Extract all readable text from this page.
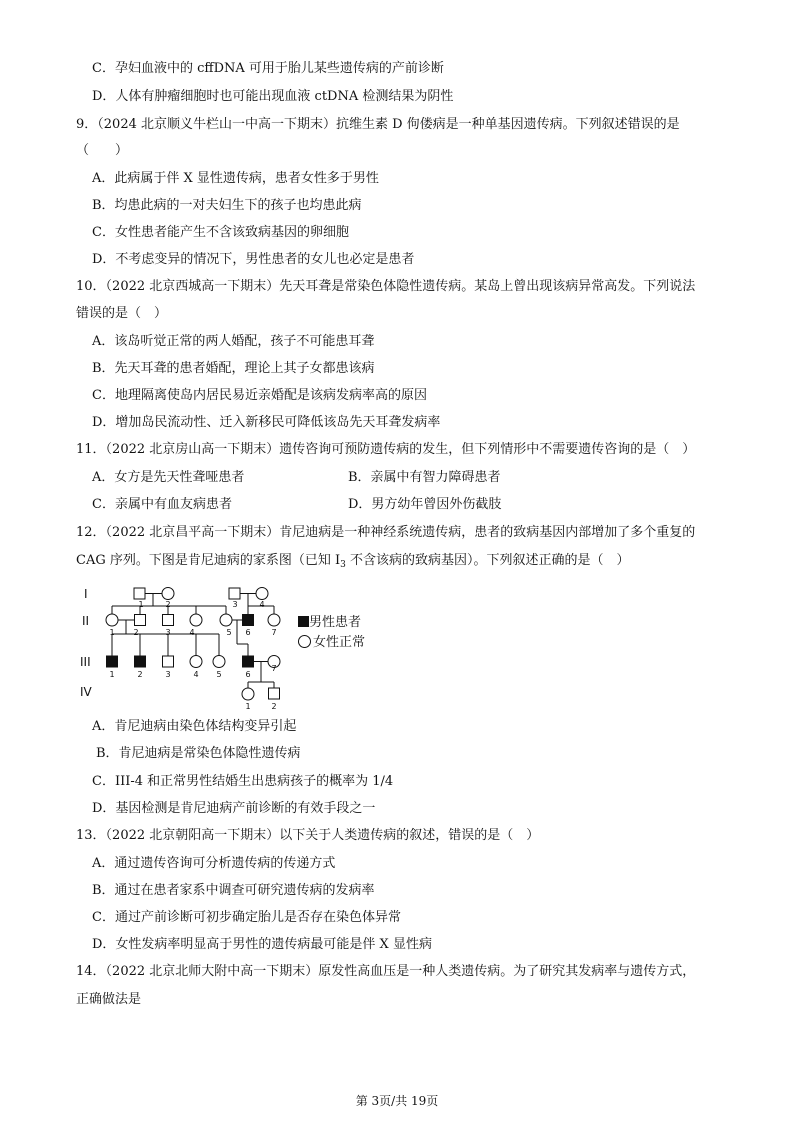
C．孕妇血液中的 cffDNA 可用于胎儿某些遗传病的产前诊断
D．人体有肿瘤细胞时也可能出现血液 ctDNA 检测结果为阴性
9．（2024 北京顺义牛栏山一中高一下期末）抗维生素 D 佝偻病是一种单基因遗传病。下列叙述错误的是
（　　）
A．此病属于伴 X 显性遗传病，患者女性多于男性
B．均患此病的一对夫妇生下的孩子也均患此病
C．女性患者能产生不含该致病基因的卵细胞
D．不考虑变异的情况下，男性患者的女儿也必定是患者
10．（2022 北京西城高一下期末）先天耳聋是常染色体隐性遗传病。某岛上曾出现该病异常高发。下列说法
错误的是（　）
A．该岛听觉正常的两人婚配，孩子不可能患耳聋
B．先天耳聋的患者婚配，理论上其子女都患该病
C．地理隔离使岛内居民易近亲婚配是该病发病率高的原因
D．增加岛民流动性、迁入新移民可降低该岛先天耳聋发病率
11．（2022 北京房山高一下期末）遗传咨询可预防遗传病的发生，但下列情形中不需要遗传咨询的是（　）
A．女方是先天性聋哑患者	B．亲属中有智力障碍患者
C．亲属中有血友病患者	D．男方幼年曾因外伤截肢
12．（2022 北京昌平高一下期末）肯尼迪病是一种神经系统遗传病，患者的致病基因内部增加了多个重复的
CAG 序列。下图是肯尼迪病的家系图（已知 $I_3$ 不含该病的致病基因）。下列叙述正确的是（　）
I
II
III
IV
1	2	3	4
1 2	3 4	5 6	7
1	2	3	4 5	6
7
1	2
男性患者
女性正常
A．肯尼迪病由染色体结构变异引起
B．肯尼迪病是常染色体隐性遗传病
C．III-4 和正常男性结婚生出患病孩子的概率为 1/4
D．基因检测是肯尼迪病产前诊断的有效手段之一
13．（2022 北京朝阳高一下期末）以下关于人类遗传病的叙述，错误的是（　）
A．通过遗传咨询可分析遗传病的传递方式
B．通过在患者家系中调查可研究遗传病的发病率
C．通过产前诊断可初步确定胎儿是否存在染色体异常
D．女性发病率明显高于男性的遗传病最可能是伴 X 显性病
14．（2022 北京北师大附中高一下期末）原发性高血压是一种人类遗传病。为了研究其发病率与遗传方式，
正确做法是
第 3页/共 19页
